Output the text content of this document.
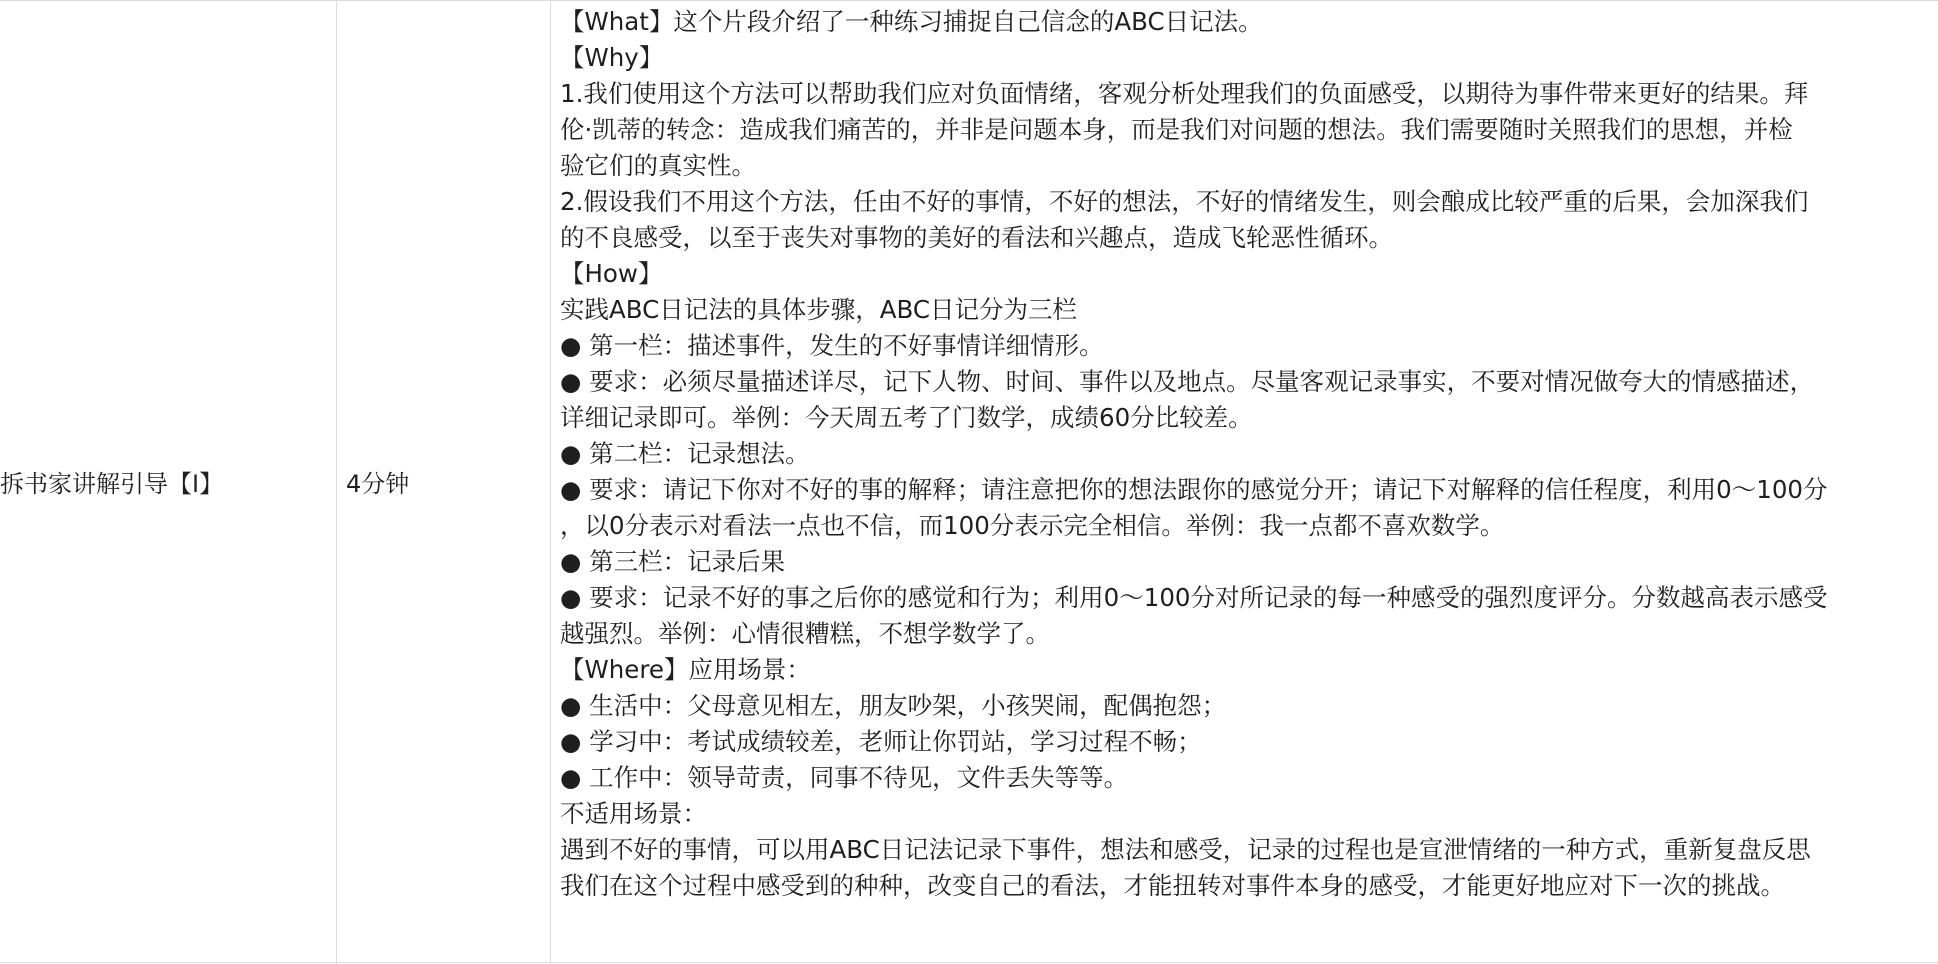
拆书家讲解引导【I】	4分钟
【What】这个片段介绍了一种练习捕捉自己信念的ABC日记法。
【Why】
1.我们使用这个方法可以帮助我们应对负面情绪，客观分析处理我们的负面感受，以期待为事件带来更好的结果。拜
伦·凯蒂的转念：造成我们痛苦的，并非是问题本身，而是我们对问题的想法。我们需要随时关照我们的思想，并检
验它们的真实性。
2.假设我们不用这个方法，任由不好的事情，不好的想法，不好的情绪发生，则会酿成比较严重的后果，会加深我们
的不良感受，以至于丧失对事物的美好的看法和兴趣点，造成飞轮恶性循环。
【How】
实践ABC日记法的具体步骤，ABC日记分为三栏
● 第一栏：描述事件，发生的不好事情详细情形。
● 要求：必须尽量描述详尽，记下人物、时间、事件以及地点。尽量客观记录事实，不要对情况做夸大的情感描述，
详细记录即可。举例：今天周五考了门数学，成绩60分比较差。
● 第二栏：记录想法。
● 要求：请记下你对不好的事的解释；请注意把你的想法跟你的感觉分开；请记下对解释的信任程度，利用0～100分
，以0分表示对看法一点也不信，而100分表示完全相信。举例：我一点都不喜欢数学。
● 第三栏：记录后果
● 要求：记录不好的事之后你的感觉和行为；利用0～100分对所记录的每一种感受的强烈度评分。分数越高表示感受
越强烈。举例：心情很糟糕，不想学数学了。
【Where】应用场景：
● 生活中：父母意见相左，朋友吵架，小孩哭闹，配偶抱怨；
● 学习中：考试成绩较差，老师让你罚站，学习过程不畅；
● 工作中：领导苛责，同事不待见，文件丢失等等。
不适用场景：
遇到不好的事情，可以用ABC日记法记录下事件，想法和感受，记录的过程也是宣泄情绪的一种方式，重新复盘反思
我们在这个过程中感受到的种种，改变自己的看法，才能扭转对事件本身的感受，才能更好地应对下一次的挑战。
